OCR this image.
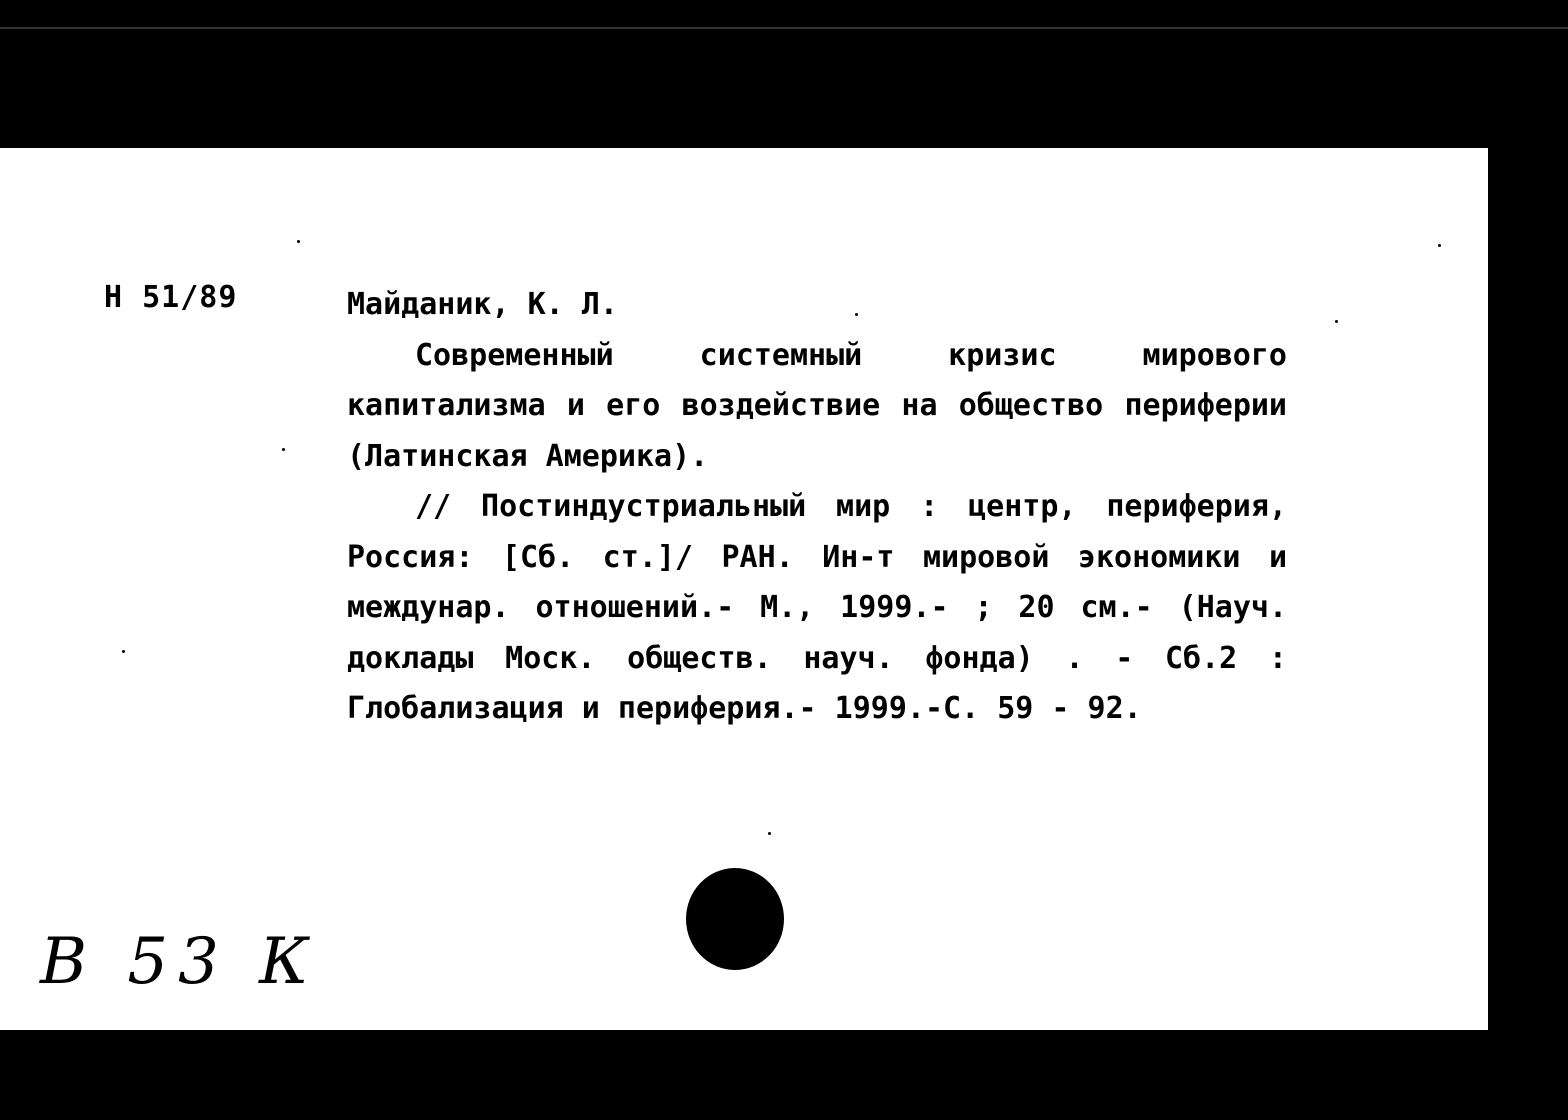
Н 51/89	Майданик, К. Л.

Современный системный кризис мирового капитализма и его воздействие на общество периферии (Латинская Америка).

// Постиндустриальный мир : центр, периферия, Россия: [Сб. ст.]/ РАН. Ин-т мировой экономики и междунар. отношений.- М., 1999.- ; 20 см.- (Науч. доклады Моск. обществ. науч. фонда) . - Сб.2 : Глобализация и периферия.- 1999.-С. 59 - 92.

В 53 К
